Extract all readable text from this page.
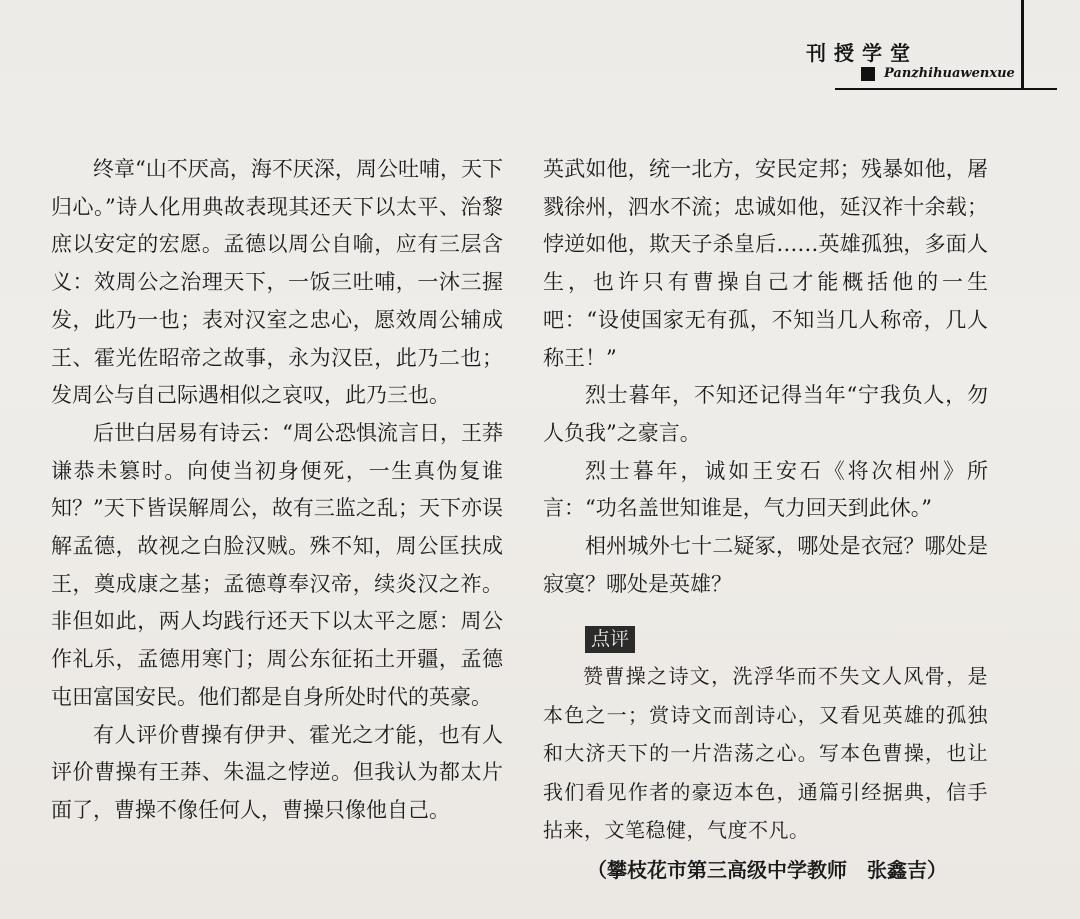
刊授学堂
Panzhihuawenxue

终章“山不厌高，海不厌深，周公吐哺，天下归心。”诗人化用典故表现其还天下以太平、治黎庶以安定的宏愿。孟德以周公自喻，应有三层含义：效周公之治理天下，一饭三吐哺，一沐三握发，此乃一也；表对汉室之忠心，愿效周公辅成王、霍光佐昭帝之故事，永为汉臣，此乃二也；发周公与自己际遇相似之哀叹，此乃三也。

后世白居易有诗云：“周公恐惧流言日，王莽谦恭未篡时。向使当初身便死，一生真伪复谁知？”天下皆误解周公，故有三监之乱；天下亦误解孟德，故视之白脸汉贼。殊不知，周公匡扶成王，奠成康之基；孟德尊奉汉帝，续炎汉之祚。非但如此，两人均践行还天下以太平之愿：周公作礼乐，孟德用寒门；周公东征拓土开疆，孟德屯田富国安民。他们都是自身所处时代的英豪。

有人评价曹操有伊尹、霍光之才能，也有人评价曹操有王莽、朱温之悖逆。但我认为都太片面了，曹操不像任何人，曹操只像他自己。

英武如他，统一北方，安民定邦；残暴如他，屠戮徐州，泗水不流；忠诚如他，延汉祚十余载；悖逆如他，欺天子杀皇后……英雄孤独，多面人生，也许只有曹操自己才能概括他的一生吧：“设使国家无有孤，不知当几人称帝，几人称王！”

烈士暮年，不知还记得当年“宁我负人，勿人负我”之豪言。

烈士暮年，诚如王安石《将次相州》所言：“功名盖世知谁是，气力回天到此休。”

相州城外七十二疑冢，哪处是衣冠？哪处是寂寞？哪处是英雄？

点评

赞曹操之诗文，洗浮华而不失文人风骨，是本色之一；赏诗文而剖诗心，又看见英雄的孤独和大济天下的一片浩荡之心。写本色曹操，也让我们看见作者的豪迈本色，通篇引经据典，信手拈来，文笔稳健，气度不凡。

（攀枝花市第三高级中学教师　张鑫吉）
